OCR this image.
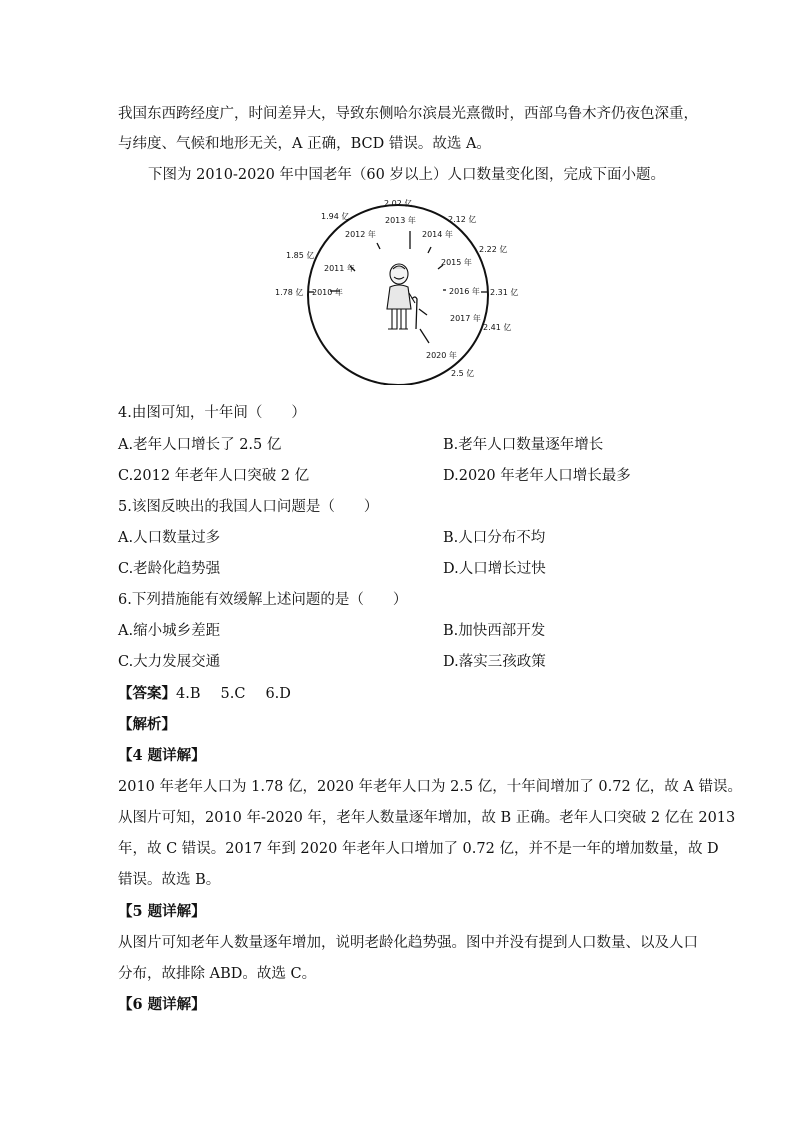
我国东西跨经度广，时间差异大，导致东侧哈尔滨晨光熹微时，西部乌鲁木齐仍夜色深重，
与纬度、气候和地形无关，A 正确，BCD 错误。故选 A。
下图为 2010-2020 年中国老年（60 岁以上）人口数量变化图，完成下面小题。
2010 年
2011 年
2012 年
2013 年
2014 年
2015 年
2016 年
2017 年
2020 年
1.78 亿
1.85 亿
1.94 亿
2.02 亿
2.12 亿
2.22 亿
2.31 亿
2.41 亿
2.5 亿
4.由图可知，十年间（　　）
A.老年人口增长了 2.5 亿	B.老年人口数量逐年增长
C.2012 年老年人口突破 2 亿	D.2020 年老年人口增长最多
5.该图反映出的我国人口问题是（　　）
A.人口数量过多	B.人口分布不均
C.老龄化趋势强	D.人口增长过快
6.下列措施能有效缓解上述问题的是（　　）
A.缩小城乡差距	B.加快西部开发
C.大力发展交通	D.落实三孩政策
【答案】4.B 5.C 6.D
【解析】
【4 题详解】
2010 年老年人口为 1.78 亿，2020 年老年人口为 2.5 亿，十年间增加了 0.72 亿，故 A 错误。
从图片可知，2010 年-2020 年，老年人数量逐年增加，故 B 正确。老年人口突破 2 亿在 2013
年，故 C 错误。2017 年到 2020 年老年人口增加了 0.72 亿，并不是一年的增加数量，故 D
错误。故选 B。
【5 题详解】
从图片可知老年人数量逐年增加，说明老龄化趋势强。图中并没有提到人口数量、以及人口
分布，故排除 ABD。故选 C。
【6 题详解】
